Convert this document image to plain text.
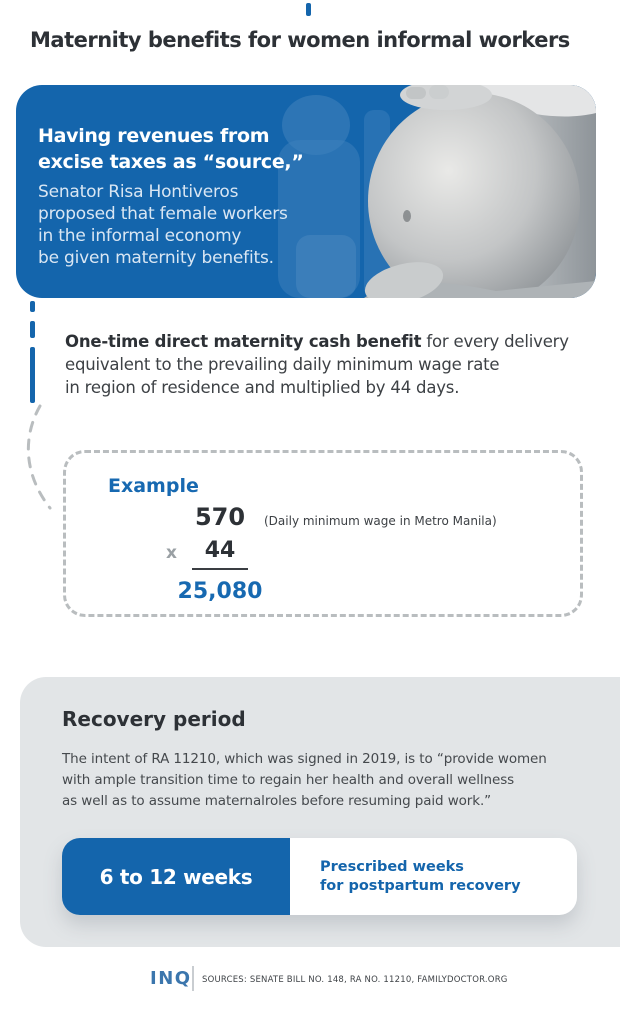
Maternity benefits for women informal workers
Having revenues from
excise taxes as “source,”
Senator Risa Hontiveros
proposed that female workers
in the informal economy
be given maternity benefits.
One-time direct maternity cash benefit for every delivery
equivalent to the prevailing daily minimum wage rate
in region of residence and multiplied by 44 days.
Example
570	(Daily minimum wage in Metro Manila)
x	44
25,080
Recovery period
The intent of RA 11210, which was signed in 2019, is to “provide women
with ample transition time to regain her health and overall wellness
as well as to assume maternalroles before resuming paid work.”
6 to 12 weeks	Prescribed weeks
for postpartum recovery
INQ SOURCES: SENATE BILL NO. 148, RA NO. 11210, FAMILYDOCTOR.ORG
